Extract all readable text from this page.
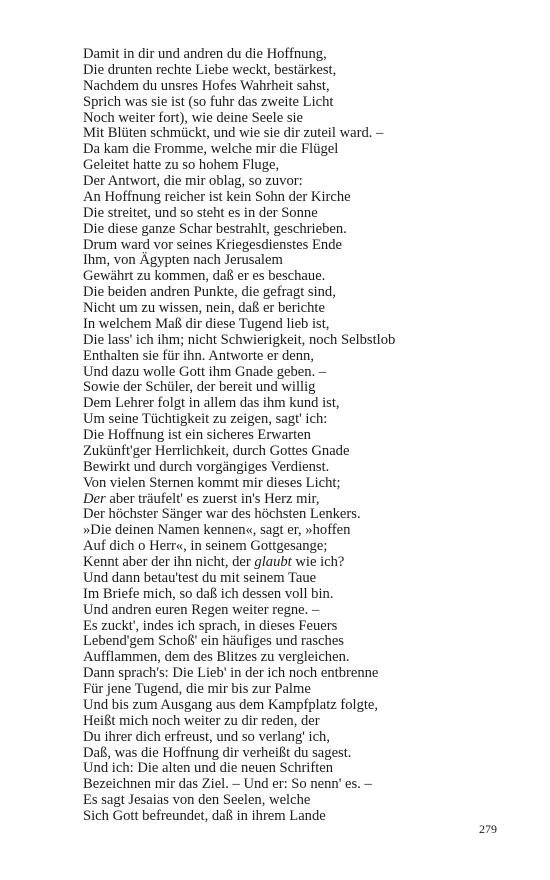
Damit in dir und andren du die Hoffnung,
Die drunten rechte Liebe weckt, bestärkest,
Nachdem du unsres Hofes Wahrheit sahst,
Sprich was sie ist (so fuhr das zweite Licht
Noch weiter fort), wie deine Seele sie
Mit Blüten schmückt, und wie sie dir zuteil ward. –
Da kam die Fromme, welche mir die Flügel
Geleitet hatte zu so hohem Fluge,
Der Antwort, die mir oblag, so zuvor:
An Hoffnung reicher ist kein Sohn der Kirche
Die streitet, und so steht es in der Sonne
Die diese ganze Schar bestrahlt, geschrieben.
Drum ward vor seines Kriegesdienstes Ende
Ihm, von Ägypten nach Jerusalem
Gewährt zu kommen, daß er es beschaue.
Die beiden andren Punkte, die gefragt sind,
Nicht um zu wissen, nein, daß er berichte
In welchem Maß dir diese Tugend lieb ist,
Die lass' ich ihm; nicht Schwierigkeit, noch Selbstlob
Enthalten sie für ihn. Antworte er denn,
Und dazu wolle Gott ihm Gnade geben. –
Sowie der Schüler, der bereit und willig
Dem Lehrer folgt in allem das ihm kund ist,
Um seine Tüchtigkeit zu zeigen, sagt' ich:
Die Hoffnung ist ein sicheres Erwarten
Zukünft'ger Herrlichkeit, durch Gottes Gnade
Bewirkt und durch vorgängiges Verdienst.
Von vielen Sternen kommt mir dieses Licht;
Der aber träufelt' es zuerst in's Herz mir,
Der höchster Sänger war des höchsten Lenkers.
»Die deinen Namen kennen«, sagt er, »hoffen
Auf dich o Herr«, in seinem Gottgesange;
Kennt aber der ihn nicht, der glaubt wie ich?
Und dann betau'test du mit seinem Taue
Im Briefe mich, so daß ich dessen voll bin.
Und andren euren Regen weiter regne. –
Es zuckt', indes ich sprach, in dieses Feuers
Lebend'gem Schoß' ein häufiges und rasches
Aufflammen, dem des Blitzes zu vergleichen.
Dann sprach's: Die Lieb' in der ich noch entbrenne
Für jene Tugend, die mir bis zur Palme
Und bis zum Ausgang aus dem Kampfplatz folgte,
Heißt mich noch weiter zu dir reden, der
Du ihrer dich erfreust, und so verlang' ich,
Daß, was die Hoffnung dir verheißt du sagest.
Und ich: Die alten und die neuen Schriften
Bezeichnen mir das Ziel. – Und er: So nenn' es. –
Es sagt Jesaias von den Seelen, welche
Sich Gott befreundet, daß in ihrem Lande
279
